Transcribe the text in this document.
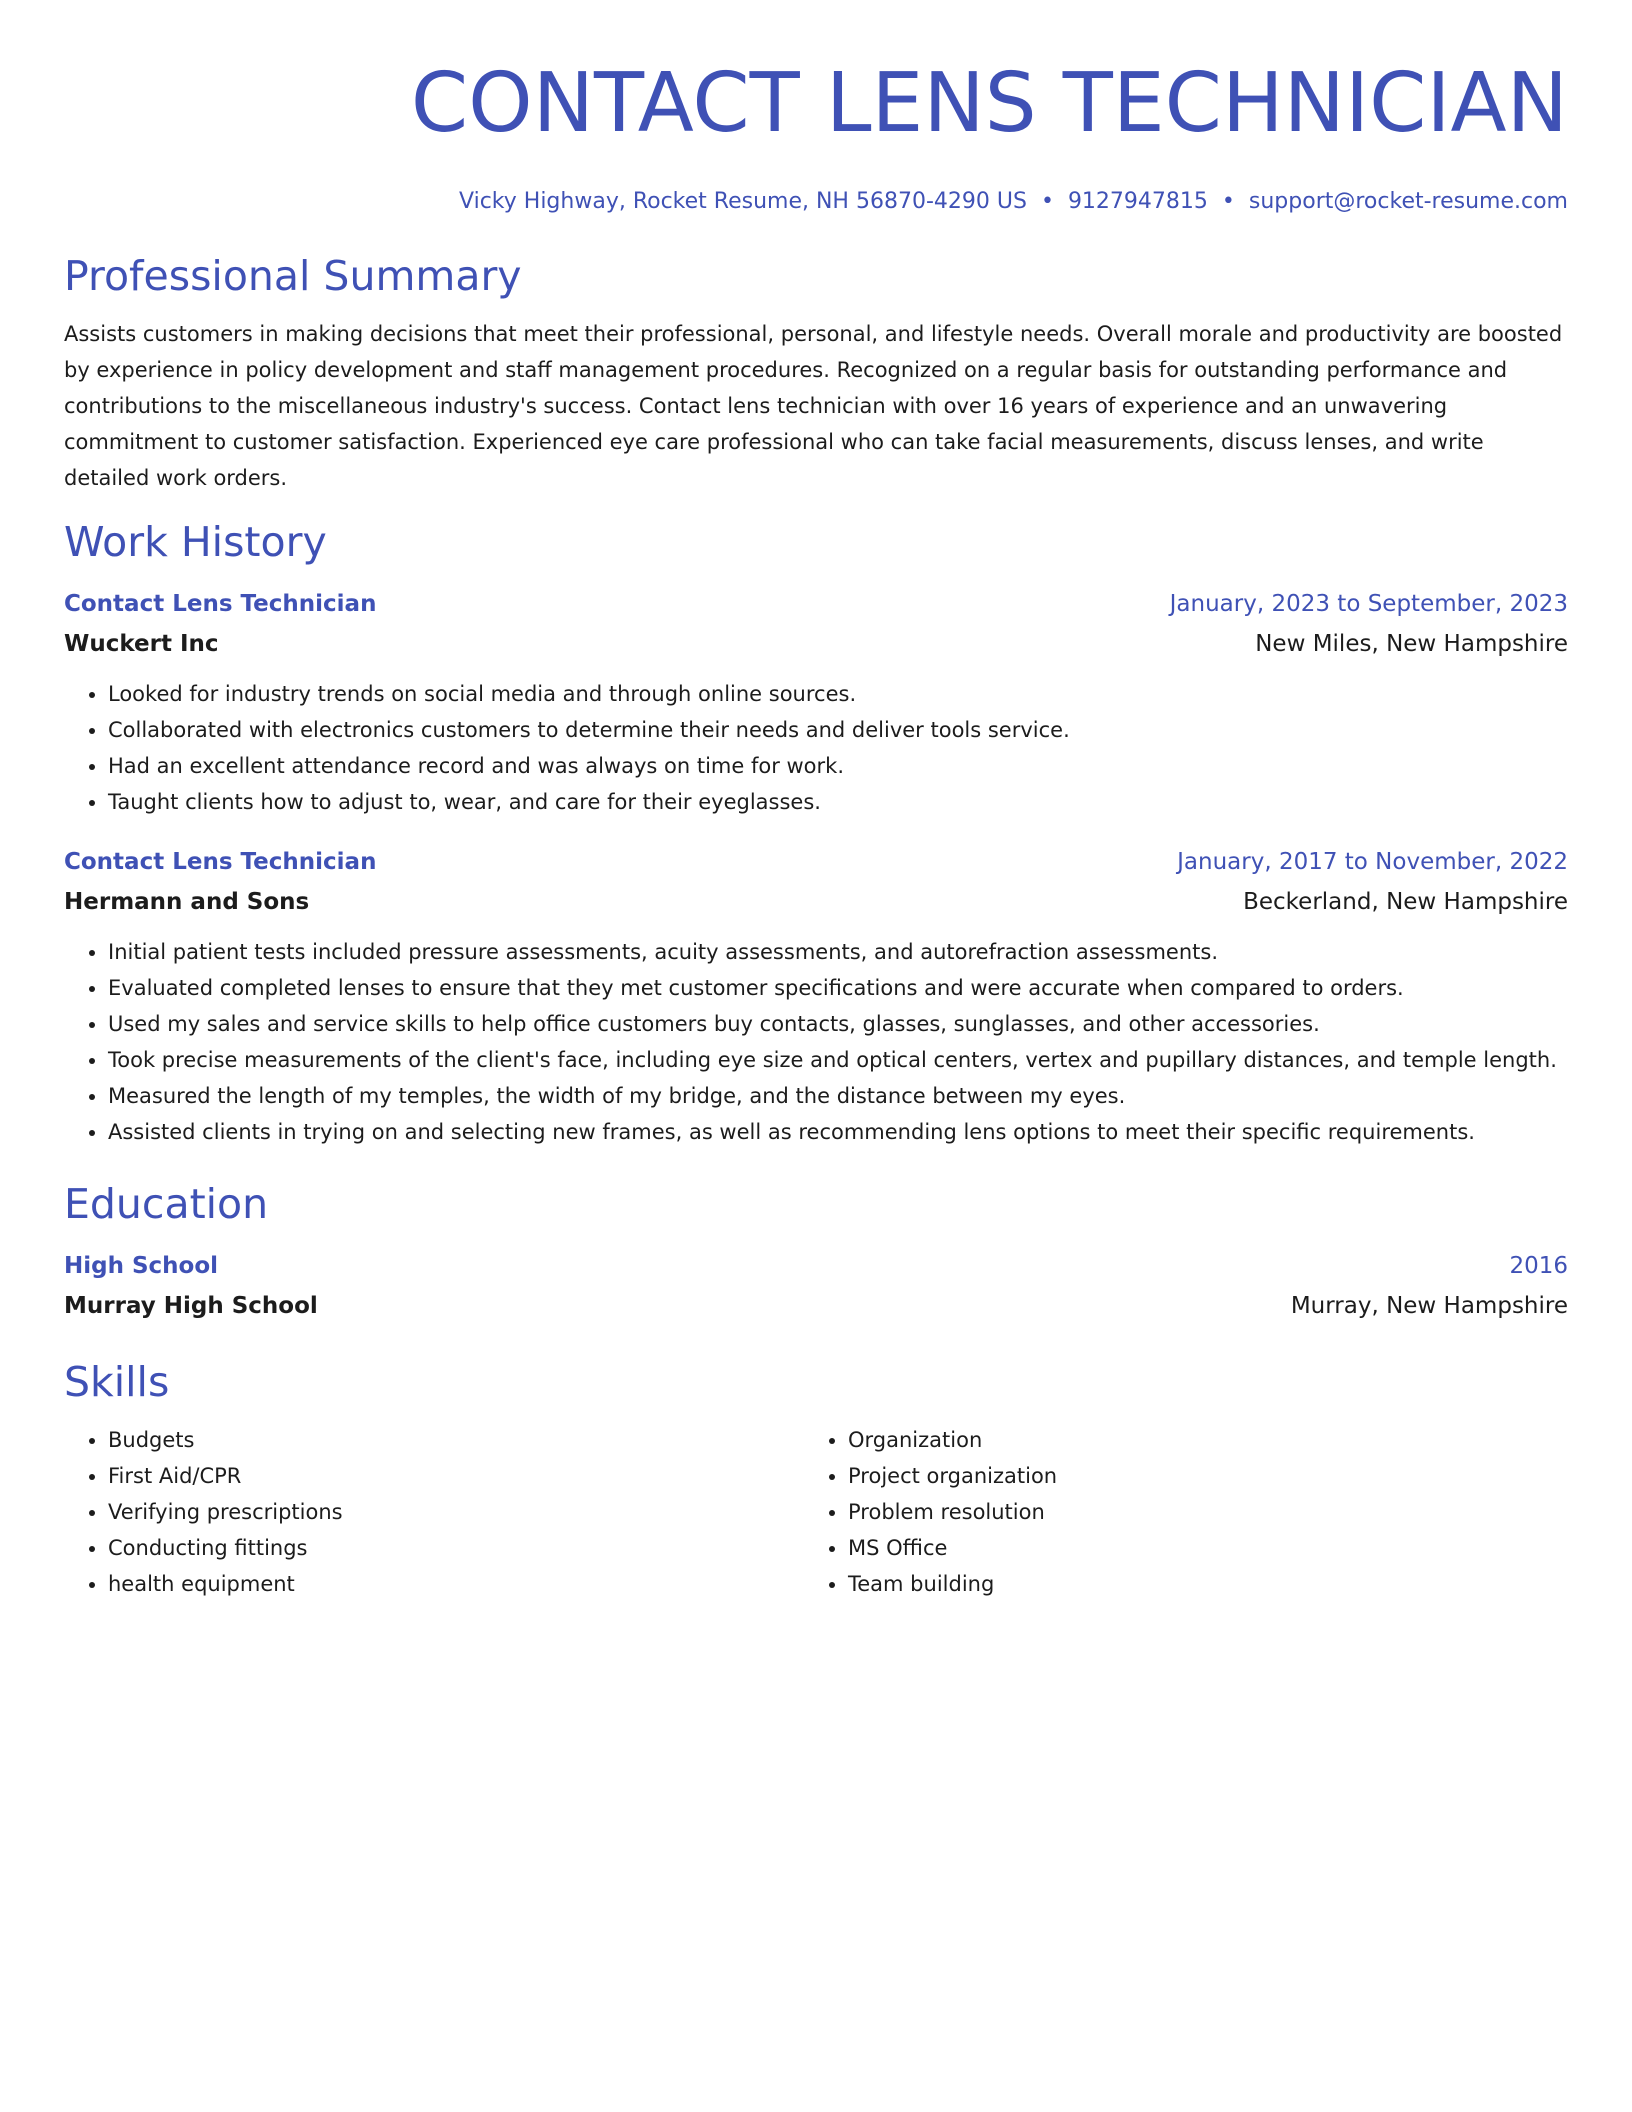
CONTACT LENS TECHNICIAN
Vicky Highway, Rocket Resume, NH 56870-4290 US • 9127947815 • support@rocket-resume.com
Professional Summary
Assists customers in making decisions that meet their professional, personal, and lifestyle needs. Overall morale and productivity are boosted by experience in policy development and staff management procedures. Recognized on a regular basis for outstanding performance and contributions to the miscellaneous industry's success. Contact lens technician with over 16 years of experience and an unwavering commitment to customer satisfaction. Experienced eye care professional who can take facial measurements, discuss lenses, and write detailed work orders.
Work History
Contact Lens Technician	January, 2023 to September, 2023
Wuckert Inc	New Miles, New Hampshire
• Looked for industry trends on social media and through online sources.
• Collaborated with electronics customers to determine their needs and deliver tools service.
• Had an excellent attendance record and was always on time for work.
• Taught clients how to adjust to, wear, and care for their eyeglasses.
Contact Lens Technician	January, 2017 to November, 2022
Hermann and Sons	Beckerland, New Hampshire
• Initial patient tests included pressure assessments, acuity assessments, and autorefraction assessments.
• Evaluated completed lenses to ensure that they met customer specifications and were accurate when compared to orders.
• Used my sales and service skills to help office customers buy contacts, glasses, sunglasses, and other accessories.
• Took precise measurements of the client's face, including eye size and optical centers, vertex and pupillary distances, and temple length.
• Measured the length of my temples, the width of my bridge, and the distance between my eyes.
• Assisted clients in trying on and selecting new frames, as well as recommending lens options to meet their specific requirements.
Education
High School	2016
Murray High School	Murray, New Hampshire
Skills
• Budgets
• First Aid/CPR
• Verifying prescriptions
• Conducting fittings
• health equipment
• Organization
• Project organization
• Problem resolution
• MS Office
• Team building
